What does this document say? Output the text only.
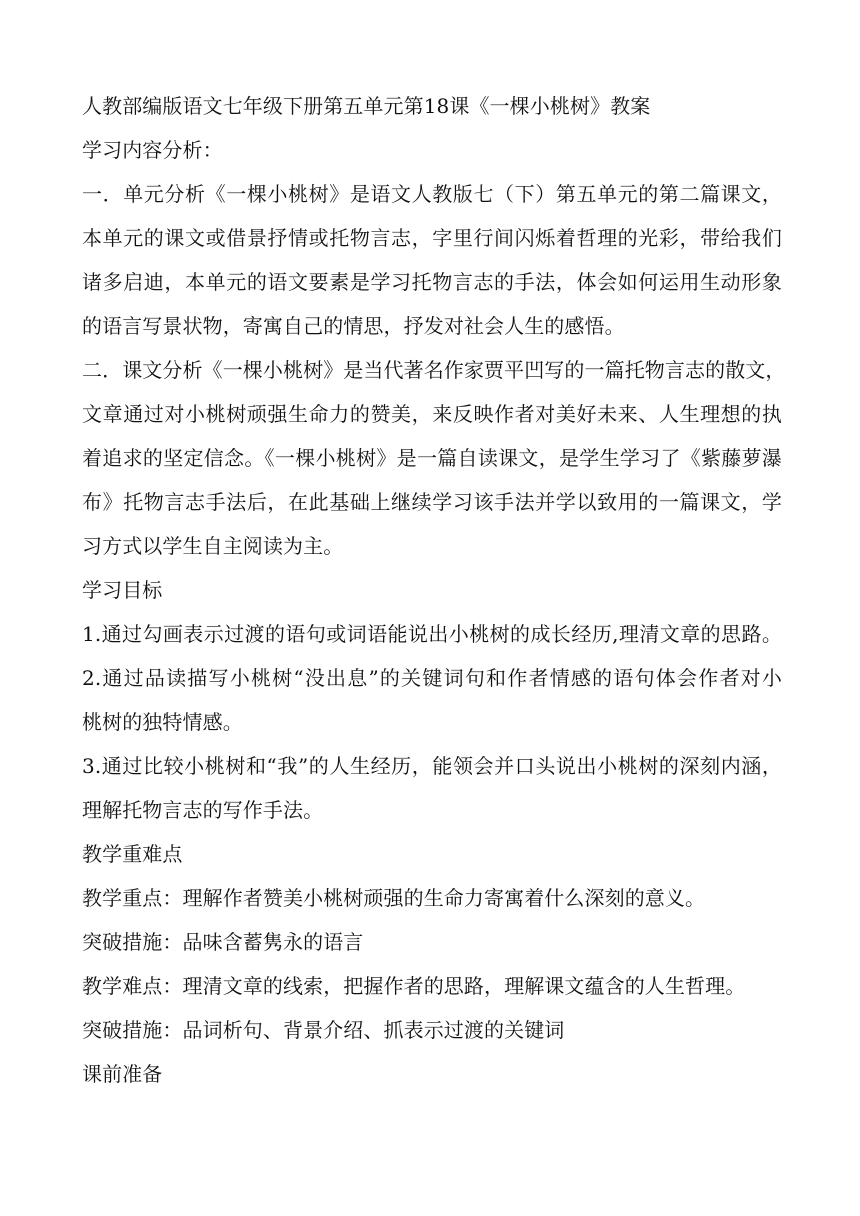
人教部编版语文七年级下册第五单元第18课《一棵小桃树》教案
学习内容分析：
一．单元分析《一棵小桃树》是语文人教版七（下）第五单元的第二篇课文，
本单元的课文或借景抒情或托物言志，字里行间闪烁着哲理的光彩，带给我们
诸多启迪，本单元的语文要素是学习托物言志的手法，体会如何运用生动形象
的语言写景状物，寄寓自己的情思，抒发对社会人生的感悟。
二．课文分析《一棵小桃树》是当代著名作家贾平凹写的一篇托物言志的散文，
文章通过对小桃树顽强生命力的赞美，来反映作者对美好未来、人生理想的执
着追求的坚定信念。《一棵小桃树》是一篇自读课文，是学生学习了《紫藤萝瀑
布》托物言志手法后，在此基础上继续学习该手法并学以致用的一篇课文，学
习方式以学生自主阅读为主。
学习目标
1.通过勾画表示过渡的语句或词语能说出小桃树的成长经历,理清文章的思路。
2.通过品读描写小桃树“没出息”的关键词句和作者情感的语句体会作者对小
桃树的独特情感。
3.通过比较小桃树和“我”的人生经历，能领会并口头说出小桃树的深刻内涵，
理解托物言志的写作手法。
教学重难点
教学重点：理解作者赞美小桃树顽强的生命力寄寓着什么深刻的意义。
突破措施：品味含蓄隽永的语言
教学难点：理清文章的线索，把握作者的思路，理解课文蕴含的人生哲理。
突破措施：品词析句、背景介绍、抓表示过渡的关键词
课前准备
